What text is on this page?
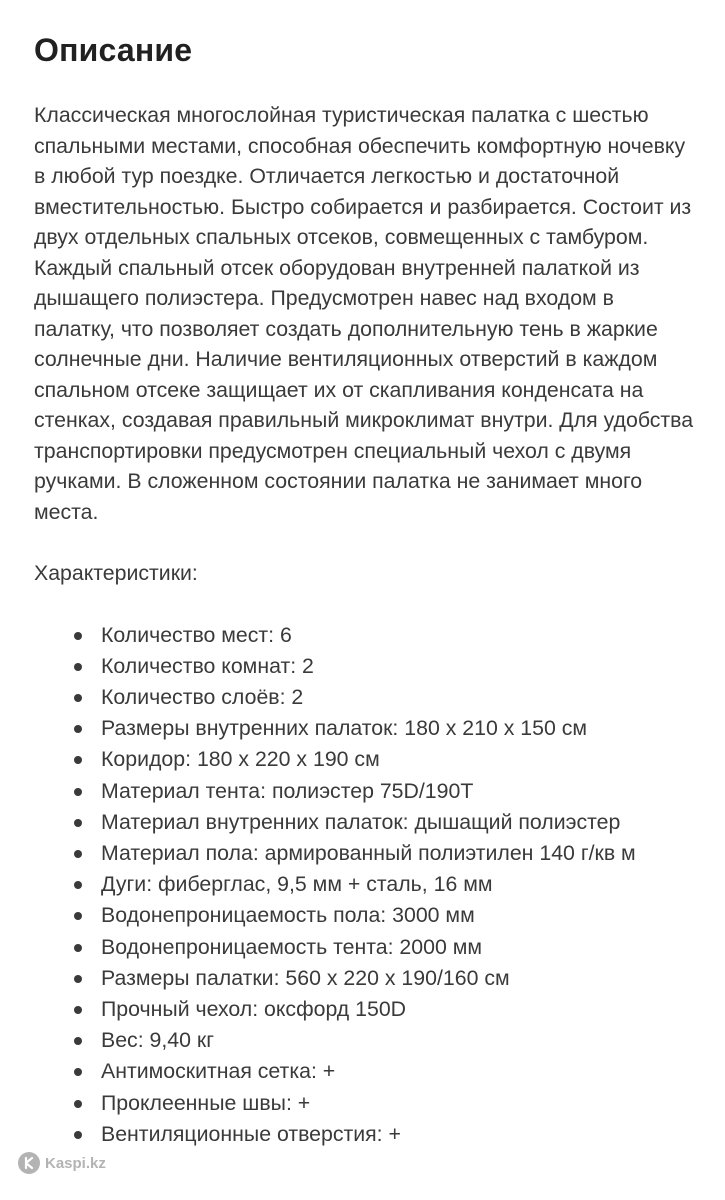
Описание

Классическая многослойная туристическая палатка с шестью спальными местами, способная обеспечить комфортную ночевку в любой тур поездке. Отличается легкостью и достаточной вместительностью. Быстро собирается и разбирается. Состоит из двух отдельных спальных отсеков, совмещенных с тамбуром. Каждый спальный отсек оборудован внутренней палаткой из дышащего полиэстера. Предусмотрен навес над входом в палатку, что позволяет создать дополнительную тень в жаркие солнечные дни. Наличие вентиляционных отверстий в каждом спальном отсеке защищает их от скапливания конденсата на стенках, создавая правильный микроклимат внутри. Для удобства транспортировки предусмотрен специальный чехол с двумя ручками. В сложенном состоянии палатка не занимает много места.

Характеристики:

Количество мест: 6
Количество комнат: 2
Количество слоёв: 2
Размеры внутренних палаток: 180 х 210 х 150 см
Коридор: 180 х 220 х 190 см
Материал тента: полиэстер 75D/190T
Материал внутренних палаток: дышащий полиэстер
Материал пола: армированный полиэтилен 140 г/кв м
Дуги: фиберглас, 9,5 мм + сталь, 16 мм
Водонепроницаемость пола: 3000 мм
Водонепроницаемость тента: 2000 мм
Размеры палатки: 560 х 220 х 190/160 см
Прочный чехол: оксфорд 150D
Вес: 9,40 кг
Антимоскитная сетка: +
Проклеенные швы: +
Вентиляционные отверстия: +
Kaspi.kz
